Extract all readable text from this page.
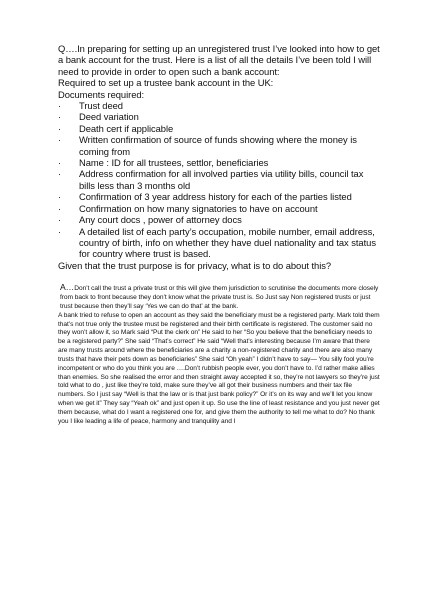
Q….In preparing for setting up an unregistered trust I’ve looked into how to get a bank account for the trust. Here is a list of all the details I’ve been told I will need to provide in order to open such a bank account:

Required to set up a trustee bank account in the UK:

Documents required:

·	Trust deed
·	Deed variation
·	Death cert if applicable
·	Written confirmation of source of funds showing where the money is coming from
·	Name : ID for all trustees, settlor, beneficiaries
·	Address confirmation for all involved parties via utility bills, council tax bills less than 3 months old
·	Confirmation of 3 year address history for each of the parties listed
·	Confirmation on how many signatories to have on account
·	Any court docs , power of attorney docs
·	A detailed list of each party’s occupation, mobile number, email address, country of birth, info on whether they have duel nationality and tax status for country where trust is based.

Given that the trust purpose is for privacy, what is to do about this?

A…Don’t call the trust a private trust or this will give them jurisdiction to scrutinise the documents more closely from back to front because they don’t know what the private trust is. So Just say Non registered trusts or just trust because then they’ll say ‘Yes we can do that’ at the bank.

A bank tried to refuse to open an account as they said the beneficiary must be a registered party. Mark told them that’s not true only the trustee must be registered and their birth certificate is registered. The customer said no they won’t allow it, so Mark said “Put the clerk on” He said to her “So you believe that the beneficiary needs to be a registered party?” She said “That’s correct” He said “Well that’s interesting because I’m aware that there are many trusts around where the beneficiaries are a charity a non-registered charity and there are also many trusts that have their pets down as beneficiaries” She said “Oh yeah” I didn’t have to say— You silly fool you’re incompetent or who do you think you are ….Don’t rubbish people ever, you don’t have to. I’d rather make allies than enemies. So she realised the error and then straight away accepted it so, they’re not lawyers so they’re just told what to do , just like they’re told, make sure they’ve all got their business numbers and their tax file numbers. So I just say “Well is that the law or is that just bank policy?” Or it’s on its way and we’ll let you know when we get it” They say “Yeah ok” and just open it up. So use the line of least resistance and you just never get them because, what do I want a registered one for, and give them the authority to tell me what to do? No thank you I like leading a life of peace, harmony and tranquility and I
